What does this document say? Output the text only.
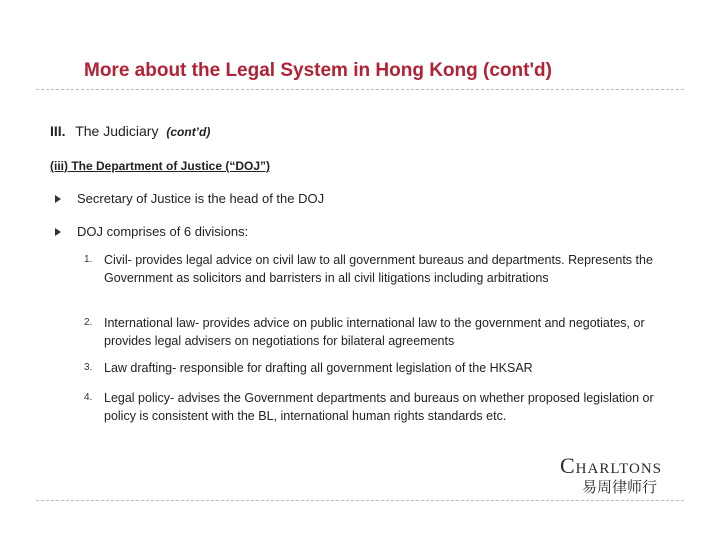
More about the Legal System in Hong Kong (cont'd)
III. The Judiciary (cont’d)
(iii) The Department of Justice (“DOJ”)
Secretary of Justice is the head of the DOJ
DOJ comprises of 6 divisions:
1. Civil- provides legal advice on civil law to all government bureaus and departments. Represents the Government as solicitors and barristers in all civil litigations including arbitrations
2. International law- provides advice on public international law to the government and negotiates, or provides legal advisers on negotiations for bilateral agreements
3. Law drafting- responsible for drafting all government legislation of the HKSAR
4. Legal policy- advises the Government departments and bureaus on whether proposed legislation or policy is consistent with the BL, international human rights standards etc.
Charltons
易周律师行
